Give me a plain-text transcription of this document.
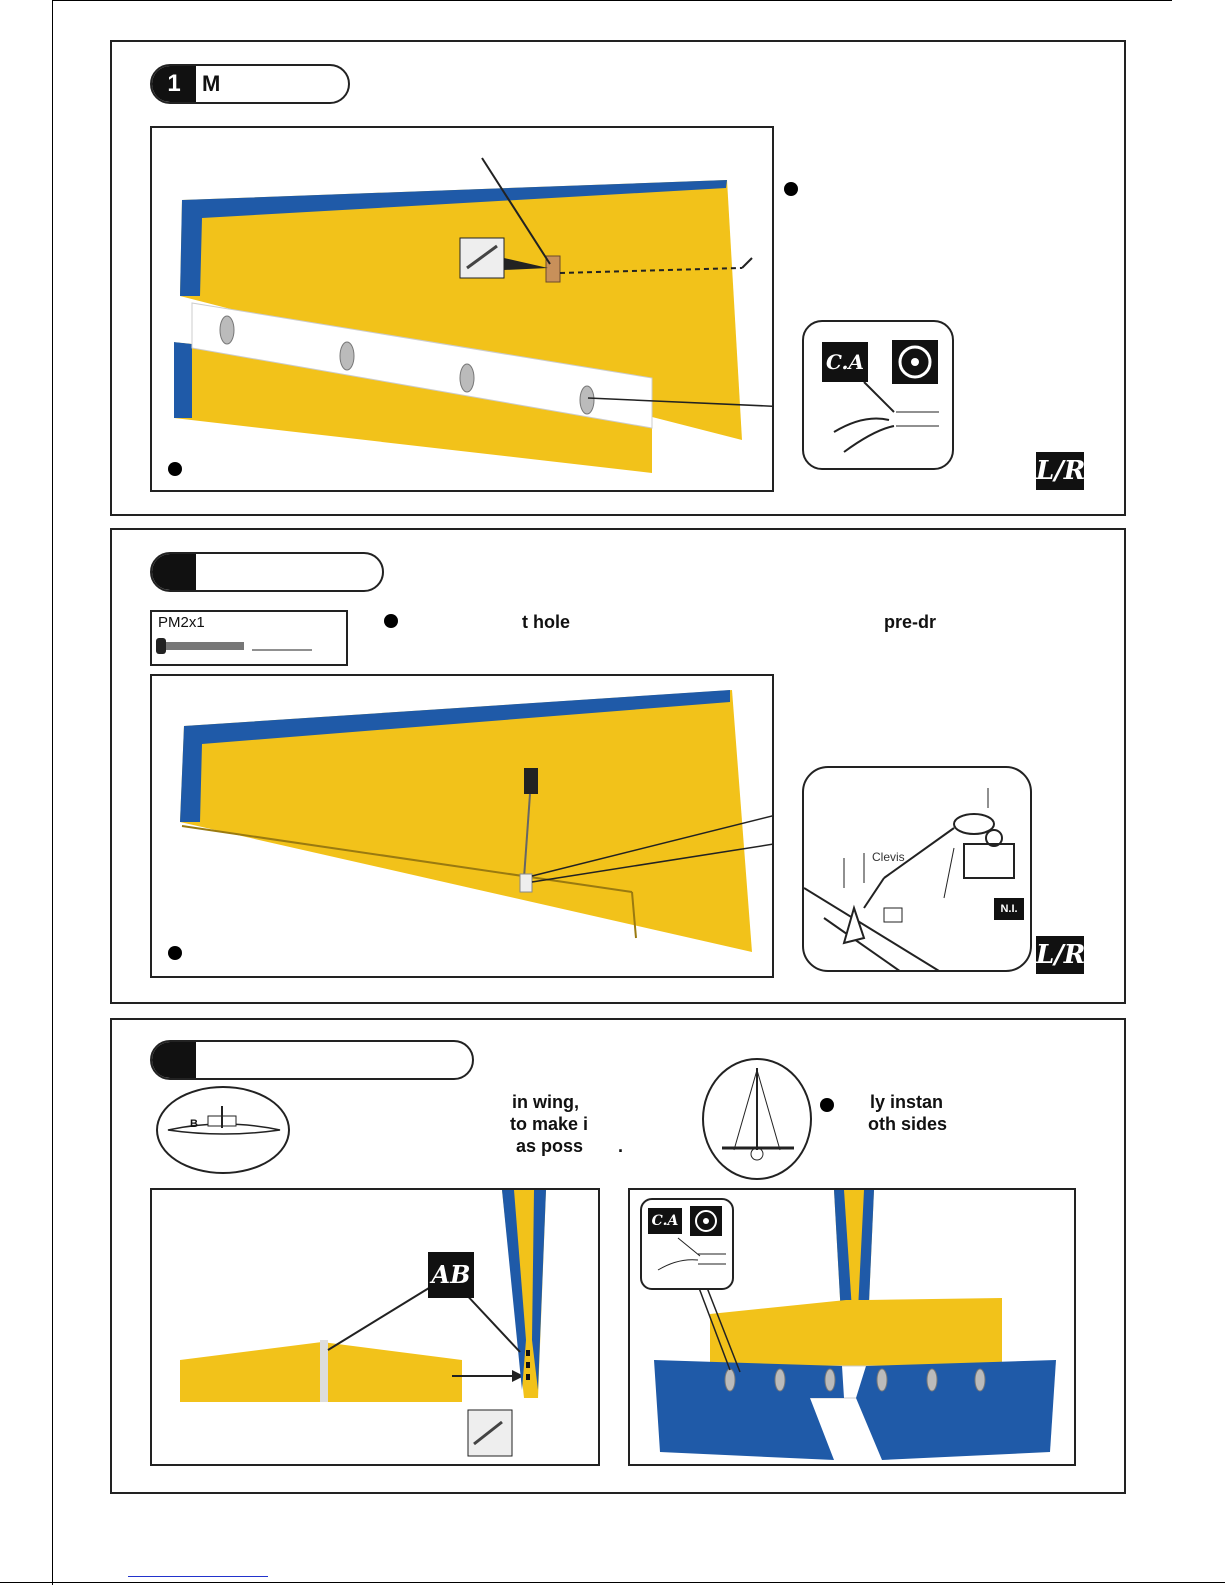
1 M
C.A
L/R
PM2x1	t hole	pre-dr
Clevis
N.I.
L/R
B
in wing,
to make i
as poss .
ly instan
oth sides
AB
C.A
